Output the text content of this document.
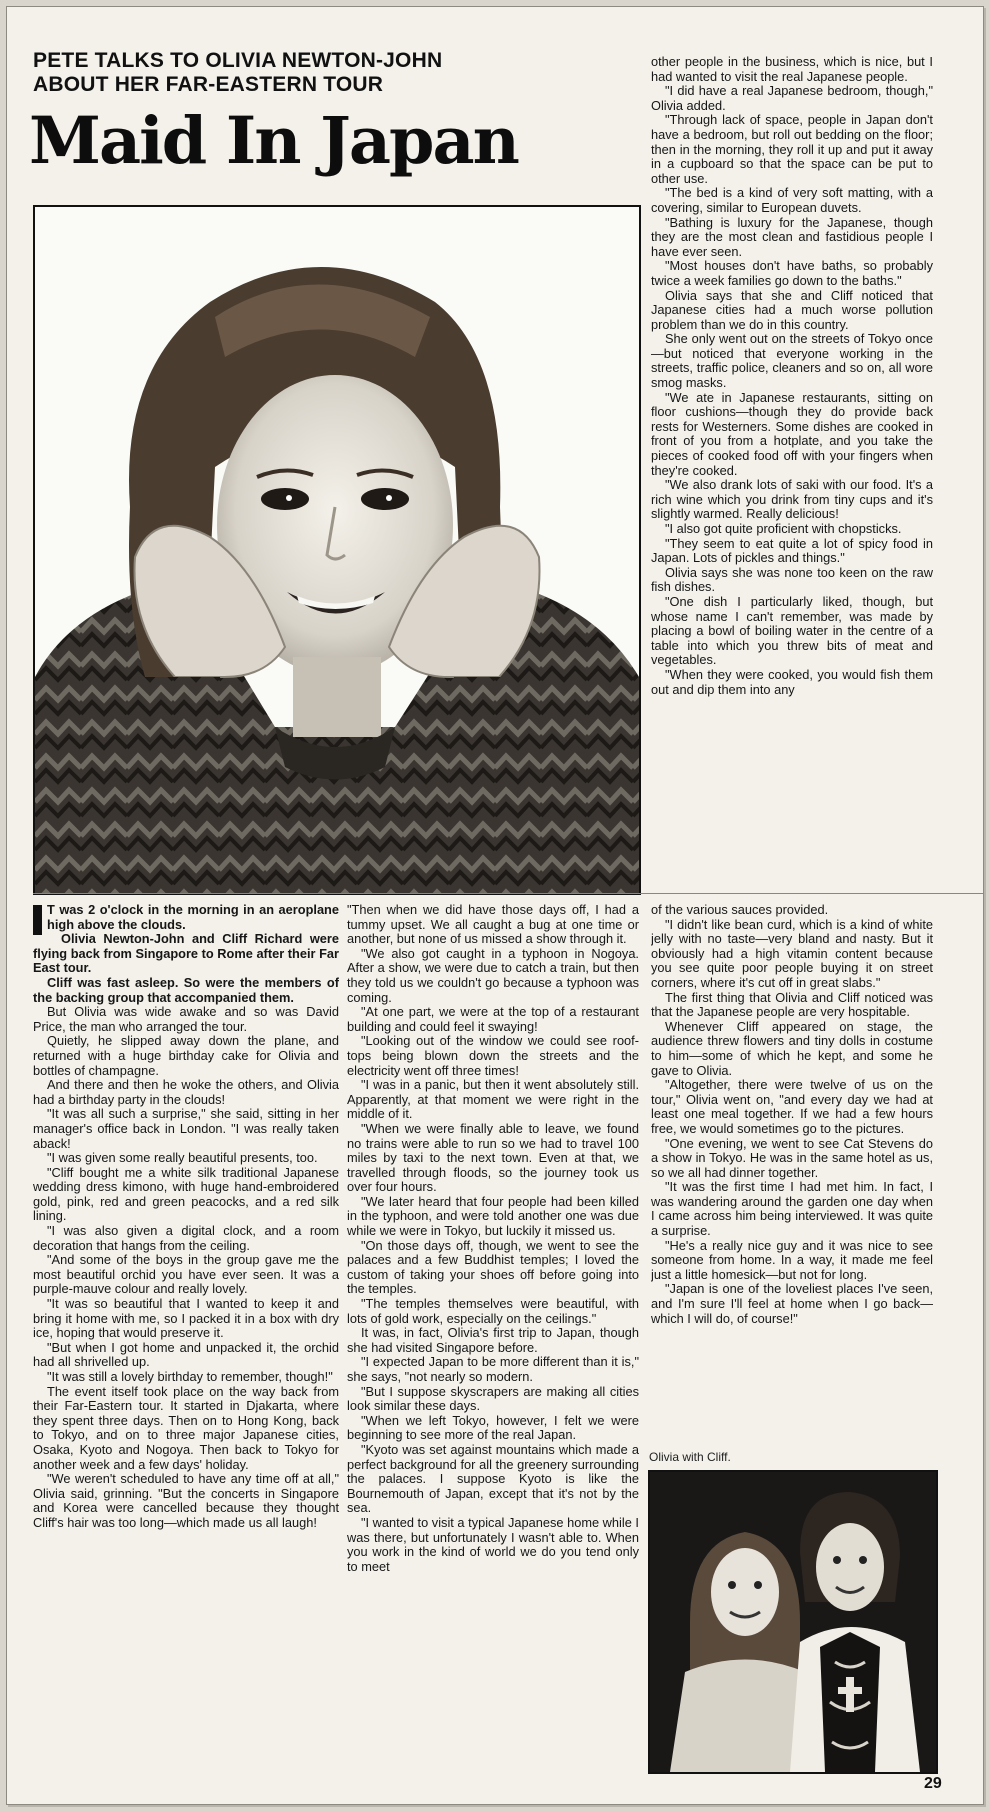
PETE TALKS TO OLIVIA NEWTON-JOHN
ABOUT HER FAR-EASTERN TOUR
Maid In Japan

T was 2 o'clock in the morning in an aeroplane high above the clouds.

Olivia Newton-John and Cliff Richard were flying back from Singapore to Rome after their Far East tour.

Cliff was fast asleep. So were the members of the backing group that accompanied them.

But Olivia was wide awake and so was David Price, the man who arranged the tour.

Quietly, he slipped away down the plane, and returned with a huge birthday cake for Olivia and bottles of champagne.

And there and then he woke the others, and Olivia had a birthday party in the clouds!

"It was all such a surprise," she said, sitting in her manager's office back in London. "I was really taken aback!

"I was given some really beautiful presents, too.

"Cliff bought me a white silk traditional Japanese wedding dress kimono, with huge hand-embroidered gold, pink, red and green peacocks, and a red silk lining.

"I was also given a digital clock, and a room decoration that hangs from the ceiling.

"And some of the boys in the group gave me the most beautiful orchid you have ever seen. It was a purple-mauve colour and really lovely.

"It was so beautiful that I wanted to keep it and bring it home with me, so I packed it in a box with dry ice, hoping that would preserve it.

"But when I got home and unpacked it, the orchid had all shrivelled up.

"It was still a lovely birthday to remember, though!"

The event itself took place on the way back from their Far-Eastern tour. It started in Djakarta, where they spent three days. Then on to Hong Kong, back to Tokyo, and on to three major Japanese cities, Osaka, Kyoto and Nogoya. Then back to Tokyo for another week and a few days' holiday.

"We weren't scheduled to have any time off at all," Olivia said, grinning. "But the concerts in Singapore and Korea were cancelled because they thought Cliff's hair was too long—which made us all laugh!

"Then when we did have those days off, I had a tummy upset. We all caught a bug at one time or another, but none of us missed a show through it.

"We also got caught in a typhoon in Nogoya. After a show, we were due to catch a train, but then they told us we couldn't go because a typhoon was coming.

"At one part, we were at the top of a restaurant building and could feel it swaying!

"Looking out of the window we could see roof-tops being blown down the streets and the electricity went off three times!

"I was in a panic, but then it went absolutely still. Apparently, at that moment we were right in the middle of it.

"When we were finally able to leave, we found no trains were able to run so we had to travel 100 miles by taxi to the next town. Even at that, we travelled through floods, so the journey took us over four hours.

"We later heard that four people had been killed in the typhoon, and were told another one was due while we were in Tokyo, but luckily it missed us.

"On those days off, though, we went to see the palaces and a few Buddhist temples; I loved the custom of taking your shoes off before going into the temples.

"The temples themselves were beautiful, with lots of gold work, especially on the ceilings."

It was, in fact, Olivia's first trip to Japan, though she had visited Singapore before.

"I expected Japan to be more different than it is," she says, "not nearly so modern.

"But I suppose skyscrapers are making all cities look similar these days.

"When we left Tokyo, however, I felt we were beginning to see more of the real Japan.

"Kyoto was set against mountains which made a perfect background for all the greenery surrounding the palaces. I suppose Kyoto is like the Bournemouth of Japan, except that it's not by the sea.

"I wanted to visit a typical Japanese home while I was there, but unfortunately I wasn't able to. When you work in the kind of world we do you tend only to meet

other people in the business, which is nice, but I had wanted to visit the real Japanese people.

"I did have a real Japanese bedroom, though," Olivia added.

"Through lack of space, people in Japan don't have a bedroom, but roll out bedding on the floor; then in the morning, they roll it up and put it away in a cupboard so that the space can be put to other use.

"The bed is a kind of very soft matting, with a covering, similar to European duvets.

"Bathing is luxury for the Japanese, though they are the most clean and fastidious people I have ever seen.

"Most houses don't have baths, so probably twice a week families go down to the baths."

Olivia says that she and Cliff noticed that Japanese cities had a much worse pollution problem than we do in this country.

She only went out on the streets of Tokyo once—but noticed that everyone working in the streets, traffic police, cleaners and so on, all wore smog masks.

"We ate in Japanese restaurants, sitting on floor cushions—though they do provide back rests for Westerners. Some dishes are cooked in front of you from a hotplate, and you take the pieces of cooked food off with your fingers when they're cooked.

"We also drank lots of saki with our food. It's a rich wine which you drink from tiny cups and it's slightly warmed. Really delicious!

"I also got quite proficient with chopsticks.

"They seem to eat quite a lot of spicy food in Japan. Lots of pickles and things."

Olivia says she was none too keen on the raw fish dishes.

"One dish I particularly liked, though, but whose name I can't remember, was made by placing a bowl of boiling water in the centre of a table into which you threw bits of meat and vegetables.

"When they were cooked, you would fish them out and dip them into any

of the various sauces provided.

"I didn't like bean curd, which is a kind of white jelly with no taste—very bland and nasty. But it obviously had a high vitamin content because you see quite poor people buying it on street corners, where it's cut off in great slabs."

The first thing that Olivia and Cliff noticed was that the Japanese people are very hospitable.

Whenever Cliff appeared on stage, the audience threw flowers and tiny dolls in costume to him—some of which he kept, and some he gave to Olivia.

"Altogether, there were twelve of us on the tour," Olivia went on, "and every day we had at least one meal together. If we had a few hours free, we would sometimes go to the pictures.

"One evening, we went to see Cat Stevens do a show in Tokyo. He was in the same hotel as us, so we all had dinner together.

"It was the first time I had met him. In fact, I was wandering around the garden one day when I came across him being interviewed. It was quite a surprise.

"He's a really nice guy and it was nice to see someone from home. In a way, it made me feel just a little homesick—but not for long.

"Japan is one of the loveliest places I've seen, and I'm sure I'll feel at home when I go back—which I will do, of course!"

Olivia with Cliff.
29
